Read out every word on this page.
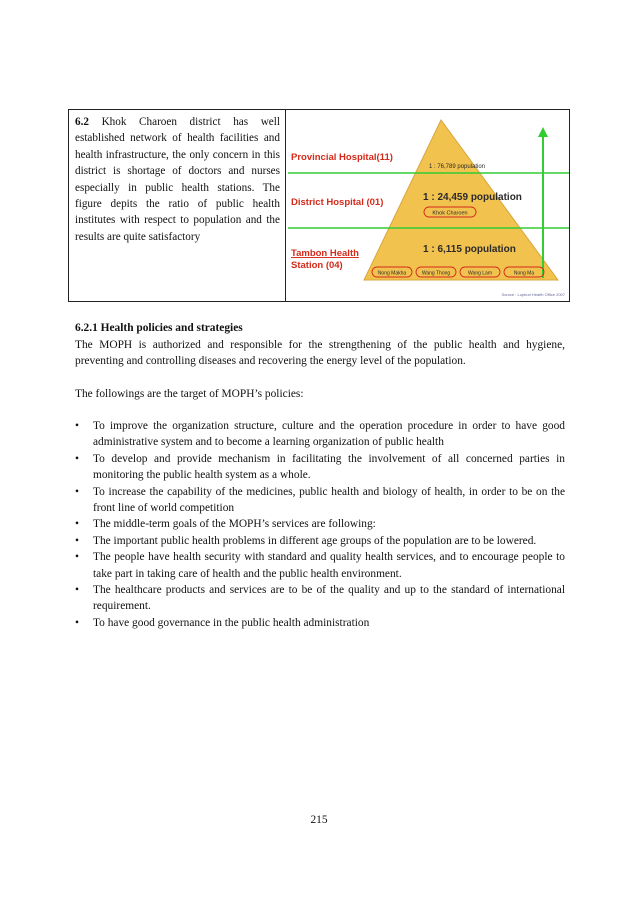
6.2 Khok Charoen district has well established network of health facilities and health infrastructure, the only concern in this district is shortage of doctors and nurses especially in public health stations. The figure depits the ratio of public health institutes with respect to population and the results are quite satisfactory
Provincial Hospital(11)
District Hospital (01)
Tambon Health
Station (04)
1 : 76,789 population
1 : 24,459 population
1 : 6,115 population
Khok Charoen
Nong Makha	Wang Thong	Wang Lam	Nong Ma
Source : Lopburi Health Office 2007
6.2.1 Health policies and strategies
The MOPH is authorized and responsible for the strengthening of the public health and hygiene, preventing and controlling diseases and recovering the energy level of the population.
The followings are the target of MOPH’s policies:
• To improve the organization structure, culture and the operation procedure in order to have good administrative system and to become a learning organization of public health
• To develop and provide mechanism in facilitating the involvement of all concerned parties in monitoring the public health system as a whole.
• To increase the capability of the medicines, public health and biology of health, in order to be on the front line of world competition
• The middle-term goals of the MOPH’s services are following:
• The important public health problems in different age groups of the population are to be lowered.
• The people have health security with standard and quality health services, and to encourage people to take part in taking care of health and the public health environment.
• The healthcare products and services are to be of the quality and up to the standard of international requirement.
• To have good governance in the public health administration
215
